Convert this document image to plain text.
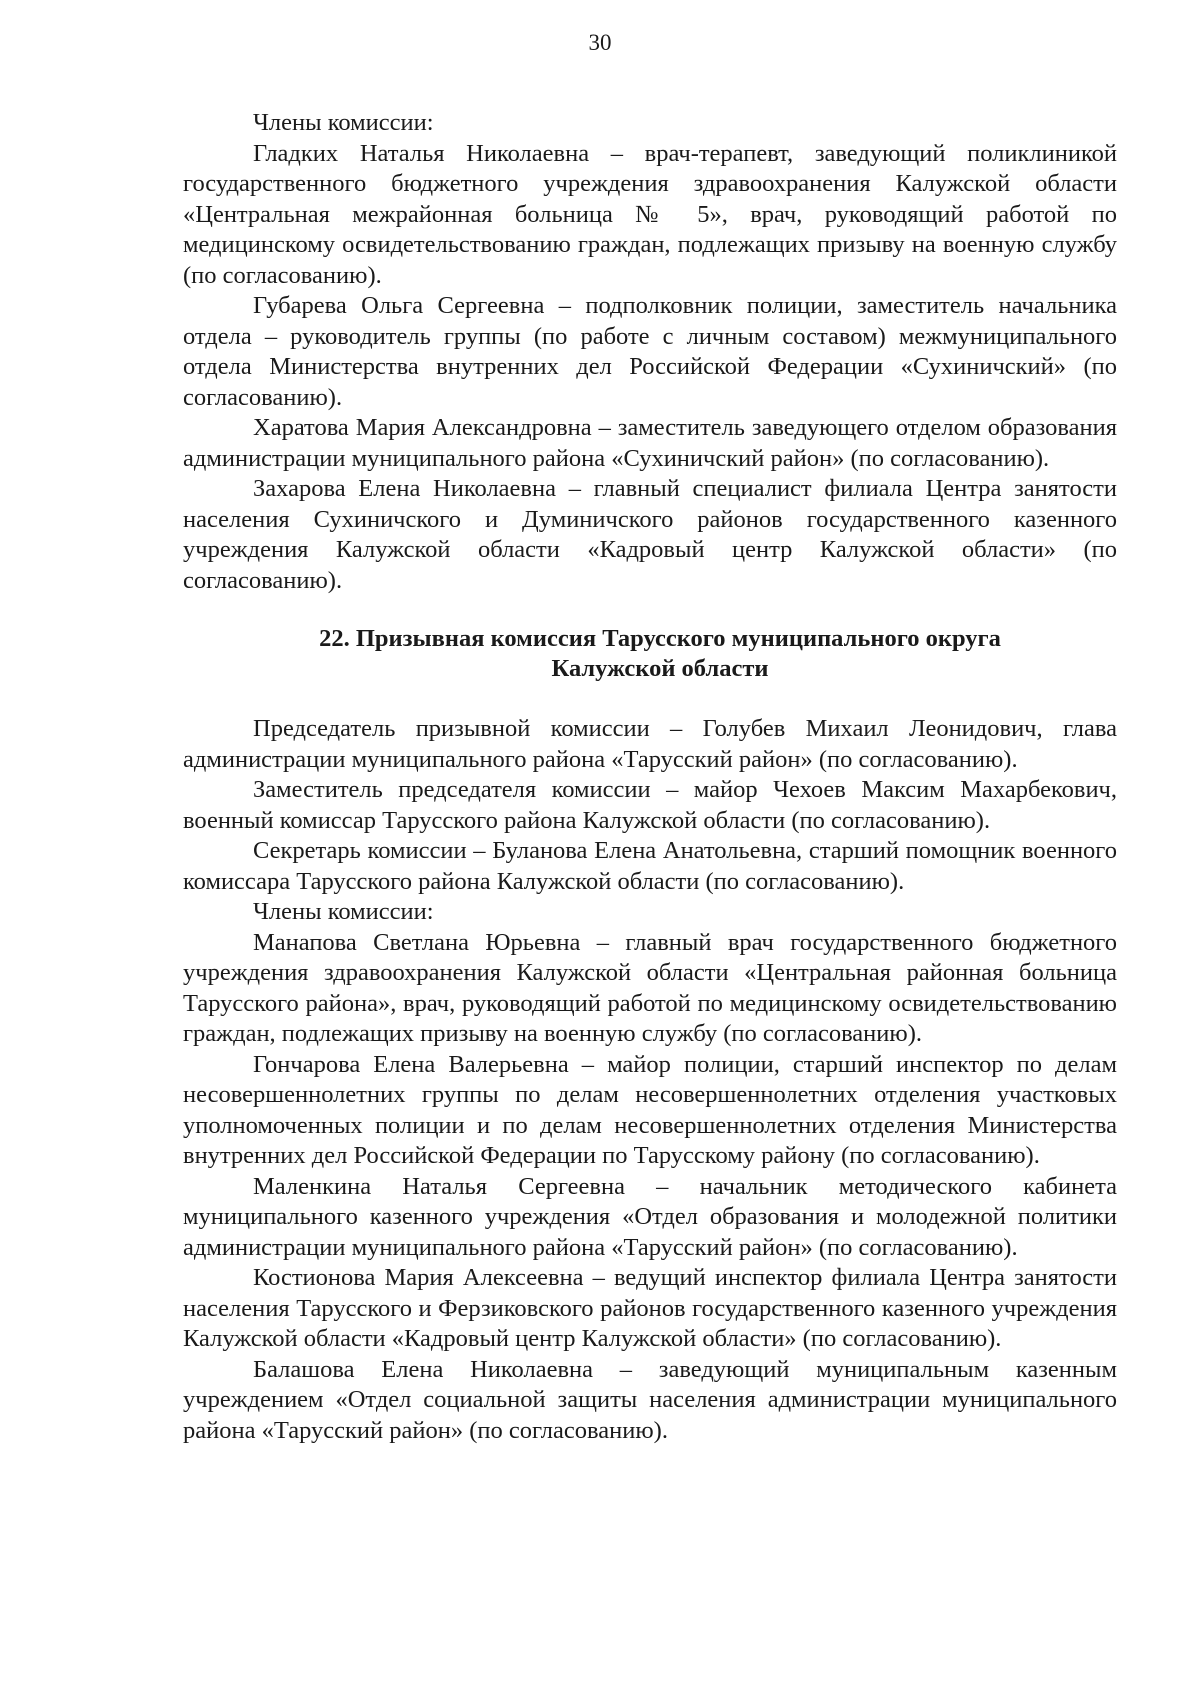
30

Члены комиссии:

Гладких Наталья Николаевна – врач-терапевт, заведующий поликлиникой государственного бюджетного учреждения здравоохранения Калужской области «Центральная межрайонная больница № 5», врач, руководящий работой по медицинскому освидетельствованию граждан, подлежащих призыву на военную службу (по согласованию).

Губарева Ольга Сергеевна – подполковник полиции, заместитель начальника отдела – руководитель группы (по работе с личным составом) межмуниципального отдела Министерства внутренних дел Российской Федерации «Сухиничский» (по согласованию).

Харатова Мария Александровна – заместитель заведующего отделом образования администрации муниципального района «Сухиничский район» (по согласованию).

Захарова Елена Николаевна – главный специалист филиала Центра занятости населения Сухиничского и Думиничского районов государственного казенного учреждения Калужской области «Кадровый центр Калужской области» (по согласованию).

22. Призывная комиссия Тарусского муниципального округа

Калужской области

Председатель призывной комиссии – Голубев Михаил Леонидович, глава администрации муниципального района «Тарусский район» (по согласованию).

Заместитель председателя комиссии – майор Чехоев Максим Махарбекович, военный комиссар Тарусского района Калужской области (по согласованию).

Секретарь комиссии – Буланова Елена Анатольевна, старший помощник военного комиссара Тарусского района Калужской области (по согласованию).

Члены комиссии:

Манапова Светлана Юрьевна – главный врач государственного бюджетного учреждения здравоохранения Калужской области «Центральная районная больница Тарусского района», врач, руководящий работой по медицинскому освидетельствованию граждан, подлежащих призыву на военную службу (по согласованию).

Гончарова Елена Валерьевна – майор полиции, старший инспектор по делам несовершеннолетних группы по делам несовершеннолетних отделения участковых уполномоченных полиции и по делам несовершеннолетних отделения Министерства внутренних дел Российской Федерации по Тарусскому району (по согласованию).

Маленкина Наталья Сергеевна – начальник методического кабинета муниципального казенного учреждения «Отдел образования и молодежной политики администрации муниципального района «Тарусский район» (по согласованию).

Костионова Мария Алексеевна – ведущий инспектор филиала Центра занятости населения Тарусского и Ферзиковского районов государственного казенного учреждения Калужской области «Кадровый центр Калужской области» (по согласованию).

Балашова Елена Николаевна – заведующий муниципальным казенным учреждением «Отдел социальной защиты населения администрации муниципального района «Тарусский район» (по согласованию).
